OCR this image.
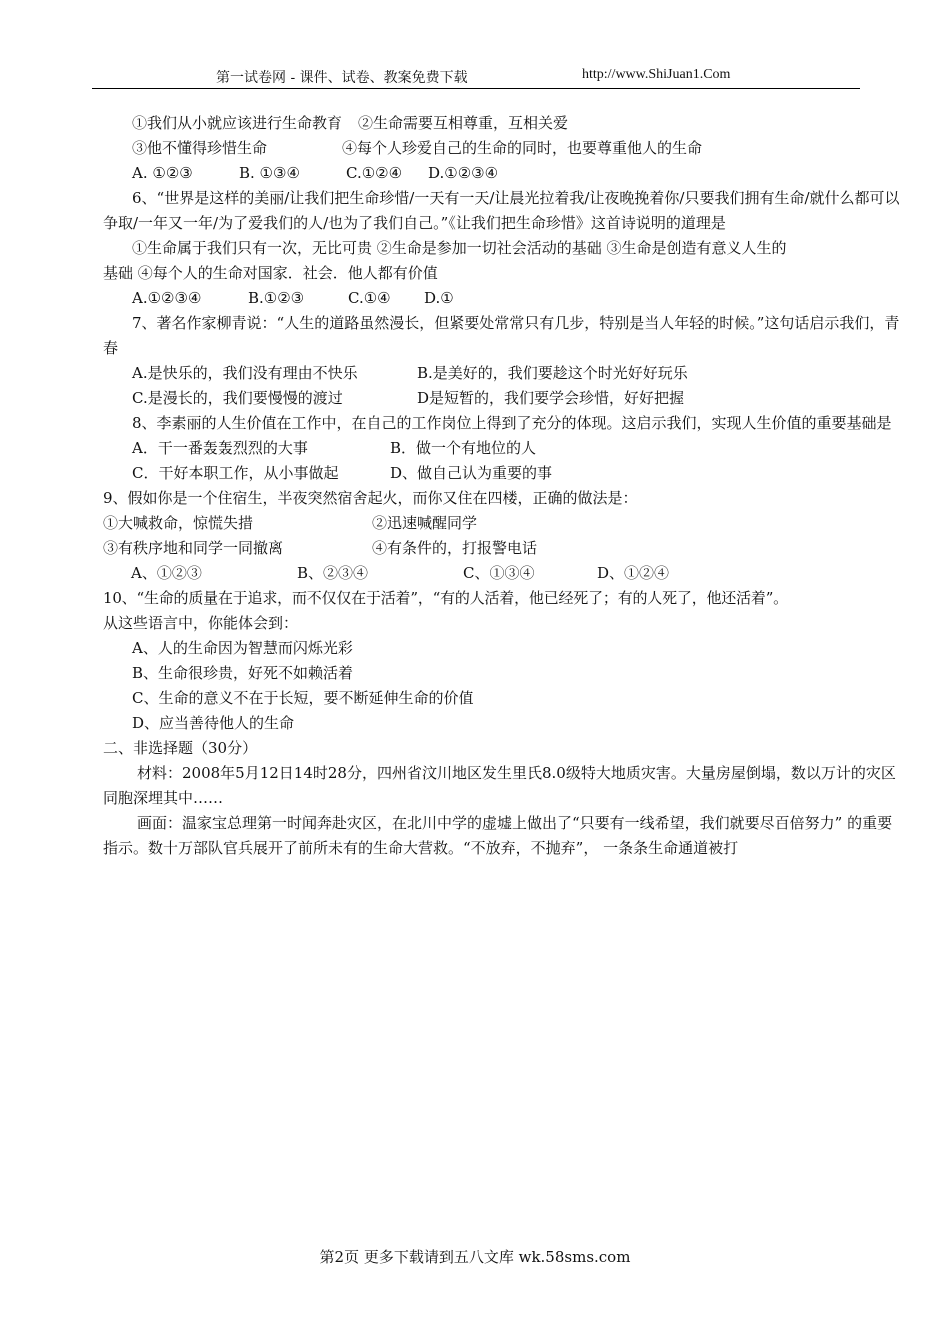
第一试卷网 - 课件、试卷、教案免费下载	http://www.ShiJuan1.Com
①我们从小就应该进行生命教育 ②生命需要互相尊重，互相关爱
③他不懂得珍惜生命	④每个人珍爱自己的生命的同时，也要尊重他人的生命
A. ①②③	B. ①③④	C.①②④ D.①②③④
6、“世界是这样的美丽/让我们把生命珍惜/一天有一天/让晨光拉着我/让夜晚挽着你/只要我们拥有生命/就什么都可以争取/一年又一年/为了爱我们的人/也为了我们自己。”《让我们把生命珍惜》这首诗说明的道理是
①生命属于我们只有一次，无比可贵 ②生命是参加一切社会活动的基础 ③生命是创造有意义人生的
基础 ④每个人的生命对国家．社会．他人都有价值
A.①②③④	B.①②③	C.①④ D.①
7、著名作家柳青说：“人生的道路虽然漫长，但紧要处常常只有几步，特别是当人年轻的时候。”这句话启示我们，青春
A.是快乐的，我们没有理由不快乐	B.是美好的，我们要趁这个时光好好玩乐
C.是漫长的，我们要慢慢的渡过	D是短暂的，我们要学会珍惜，好好把握
8、李素丽的人生价值在工作中，在自己的工作岗位上得到了充分的体现。这启示我们，实现人生价值的重要基础是
A．干一番轰轰烈烈的大事	B．做一个有地位的人
C．干好本职工作，从小事做起	D、做自己认为重要的事
9、假如你是一个住宿生，半夜突然宿舍起火，而你又住在四楼，正确的做法是：
①大喊救命，惊慌失措	②迅速喊醒同学
③有秩序地和同学一同撤离	④有条件的，打报警电话
A、①②③	B、②③④	C、①③④	D、①②④
10、“生命的质量在于追求，而不仅仅在于活着”，“有的人活着，他已经死了；有的人死了，他还活着”。
从这些语言中，你能体会到：
A、人的生命因为智慧而闪烁光彩
B、生命很珍贵，好死不如赖活着
C、生命的意义不在于长短，要不断延伸生命的价值
D、应当善待他人的生命
二、非选择题（30分）
材料：2008年5月12日14时28分，四州省汶川地区发生里氏8.0级特大地质灾害。大量房屋倒塌，数以万计的灾区同胞深埋其中……
画面：温家宝总理第一时闻奔赴灾区，在北川中学的虚墟上做出了“只要有一线希望，我们就要尽百倍努力” 的重要指示。数十万部队官兵展开了前所未有的生命大营救。“不放弃，不抛弃”， 一条条生命通道被打
第2页 更多下载请到五八文库 wk.58sms.com
